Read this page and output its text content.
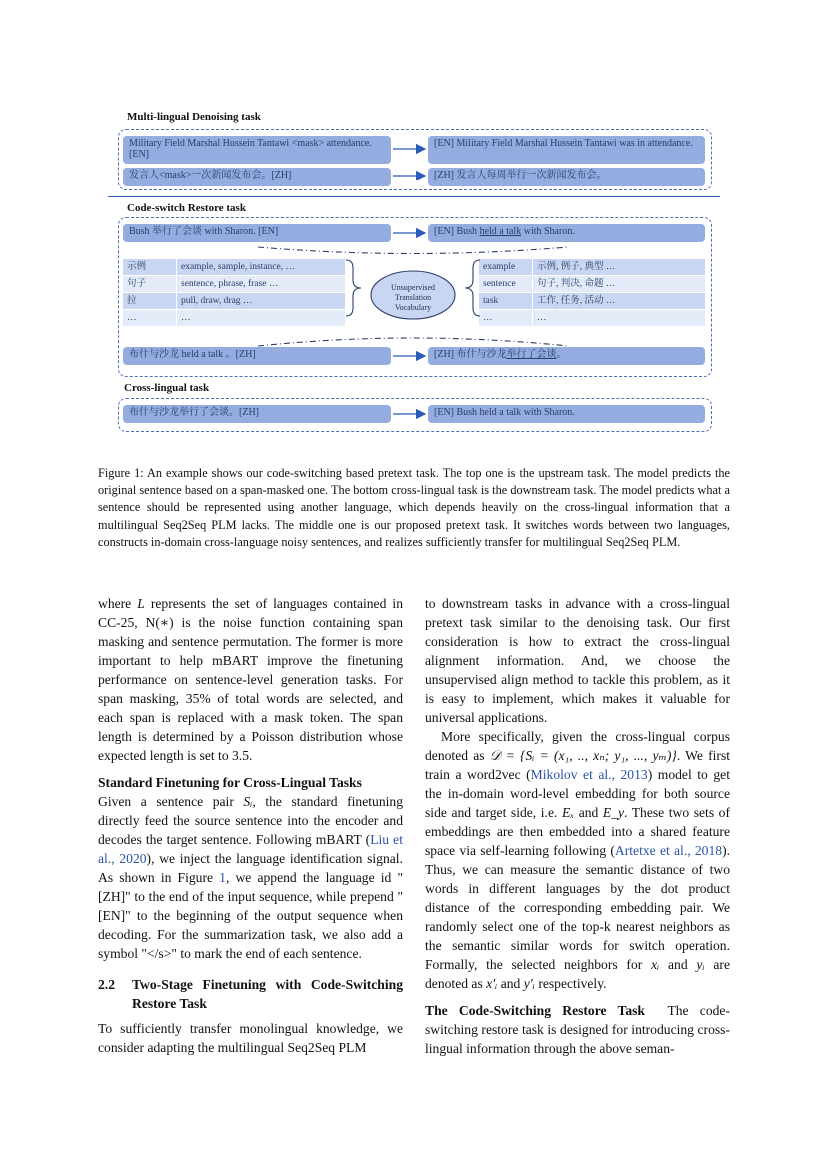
Multi-lingual Denoising task
Military Field Marshal Hussein Tantawi <mask> attendance. [EN]
[EN] Military Field Marshal Hussein Tantawi was in attendance.
发言人<mask>一次新闻发布会。[ZH]	[ZH] 发言人每周举行一次新闻发布会。
Code-switch Restore task
Bush 举行了会谈 with Sharon. [EN]	[EN] Bush held a talk with Sharon.
示例	example, sample, instance, …
句子	sentence, phrase, frase …
拉	pull, draw, drag …
…	…
example 示例, 例子, 典型 …
sentence 句子, 判决, 命题 …
task	工作, 任务, 活动 …
…	…
Unsupervised Translation Vocabulary
布什与沙龙 held a talk 。[ZH]	[ZH] 布什与沙龙举行了会谈。
Cross-lingual task
布什与沙龙举行了会谈。[ZH]	[EN] Bush held a talk with Sharon.
Figure 1: An example shows our code-switching based pretext task. The top one is the upstream task. The model predicts the original sentence based on a span-masked one. The bottom cross-lingual task is the downstream task. The model predicts what a sentence should be represented using another language, which depends heavily on the cross-lingual information that a multilingual Seq2Seq PLM lacks. The middle one is our proposed pretext task. It switches words between two languages, constructs in-domain cross-language noisy sentences, and realizes sufficiently transfer for multilingual Seq2Seq PLM.

where L represents the set of languages contained in CC-25, N(∗) is the noise function containing span masking and sentence permutation. The former is more important to help mBART improve the finetuning performance on sentence-level generation tasks. For span masking, 35% of total words are selected, and each span is replaced with a mask token. The span length is determined by a Poisson distribution whose expected length is set to 3.5.

Standard Finetuning for Cross-Lingual Tasks
Given a sentence pair Sᵢ, the standard finetuning directly feed the source sentence into the encoder and decodes the target sentence. Following mBART (Liu et al., 2020), we inject the language identification signal. As shown in Figure 1, we append the language id "[ZH]" to the end of the input sequence, while prepend "[EN]" to the beginning of the output sequence when decoding. For the summarization task, we also add a symbol "</s>" to mark the end of each sentence.

2.2	Two-Stage Finetuning with Code-Switching Restore Task

To sufficiently transfer monolingual knowledge, we consider adapting the multilingual Seq2Seq PLM

to downstream tasks in advance with a cross-lingual pretext task similar to the denoising task. Our first consideration is how to extract the cross-lingual alignment information. And, we choose the unsupervised align method to tackle this problem, as it is easy to implement, which makes it valuable for universal applications.

More specifically, given the cross-lingual corpus denoted as 𝒟 = {Sᵢ = (x₁, .., xₙ; y₁, ..., yₘ)}. We first train a word2vec (Mikolov et al., 2013) model to get the in-domain word-level embedding for both source side and target side, i.e. Eₓ and E_y. These two sets of embeddings are then embedded into a shared feature space via self-learning following (Artetxe et al., 2018). Thus, we can measure the semantic distance of two words in different languages by the dot product distance of the corresponding embedding pair. We randomly select one of the top-k nearest neighbors as the semantic similar words for switch operation. Formally, the selected neighbors for xᵢ and yᵢ are denoted as x′ᵢ and y′ᵢ respectively.

The Code-Switching Restore Task The code-switching restore task is designed for introducing cross-lingual information through the above seman-
